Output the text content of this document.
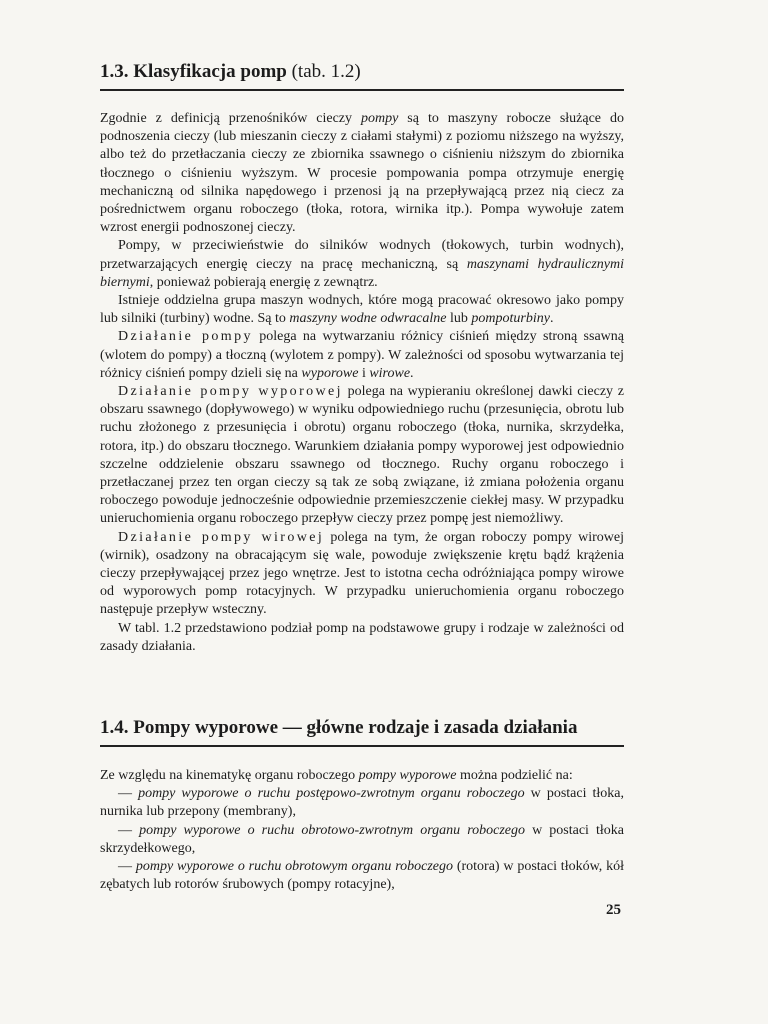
1.3. Klasyfikacja pomp (tab. 1.2)

Zgodnie z definicją przenośników cieczy pompy są to maszyny robocze służące do podnoszenia cieczy (lub mieszanin cieczy z ciałami stałymi) z poziomu niższego na wyższy, albo też do przetłaczania cieczy ze zbiornika ssawnego o ciśnieniu niższym do zbiornika tłocznego o ciśnieniu wyższym. W procesie pompowania pompa otrzymuje energię mechaniczną od silnika napędowego i przenosi ją na przepływającą przez nią ciecz za pośrednictwem organu roboczego (tłoka, rotora, wirnika itp.). Pompa wywołuje zatem wzrost energii podnoszonej cieczy.

Pompy, w przeciwieństwie do silników wodnych (tłokowych, turbin wodnych), przetwarzających energię cieczy na pracę mechaniczną, są maszynami hydraulicznymi biernymi, ponieważ pobierają energię z zewnątrz.

Istnieje oddzielna grupa maszyn wodnych, które mogą pracować okresowo jako pompy lub silniki (turbiny) wodne. Są to maszyny wodne odwracalne lub pompoturbiny.

Działanie pompy polega na wytwarzaniu różnicy ciśnień między stroną ssawną (wlotem do pompy) a tłoczną (wylotem z pompy). W zależności od sposobu wytwarzania tej różnicy ciśnień pompy dzieli się na wyporowe i wirowe.

Działanie pompy wyporowej polega na wypieraniu określonej dawki cieczy z obszaru ssawnego (dopływowego) w wyniku odpowiedniego ruchu (przesunięcia, obrotu lub ruchu złożonego z przesunięcia i obrotu) organu roboczego (tłoka, nurnika, skrzydełka, rotora, itp.) do obszaru tłocznego. Warunkiem działania pompy wyporowej jest odpowiednio szczelne oddzielenie obszaru ssawnego od tłocznego. Ruchy organu roboczego i przetłaczanej przez ten organ cieczy są tak ze sobą związane, iż zmiana położenia organu roboczego powoduje jednocześnie odpowiednie przemieszczenie ciekłej masy. W przypadku unieruchomienia organu roboczego przepływ cieczy przez pompę jest niemożliwy.

Działanie pompy wirowej polega na tym, że organ roboczy pompy wirowej (wirnik), osadzony na obracającym się wale, powoduje zwiększenie krętu bądź krążenia cieczy przepływającej przez jego wnętrze. Jest to istotna cecha odróżniająca pompy wirowe od wyporowych pomp rotacyjnych. W przypadku unieruchomienia organu roboczego następuje przepływ wsteczny.

W tabl. 1.2 przedstawiono podział pomp na podstawowe grupy i rodzaje w zależności od zasady działania.

1.4. Pompy wyporowe — główne rodzaje i zasada działania

Ze względu na kinematykę organu roboczego pompy wyporowe można podzielić na:

— pompy wyporowe o ruchu postępowo-zwrotnym organu roboczego w postaci tłoka, nurnika lub przepony (membrany),

— pompy wyporowe o ruchu obrotowo-zwrotnym organu roboczego w postaci tłoka skrzydełkowego,

— pompy wyporowe o ruchu obrotowym organu roboczego (rotora) w postaci tłoków, kół zębatych lub rotorów śrubowych (pompy rotacyjne),

25
